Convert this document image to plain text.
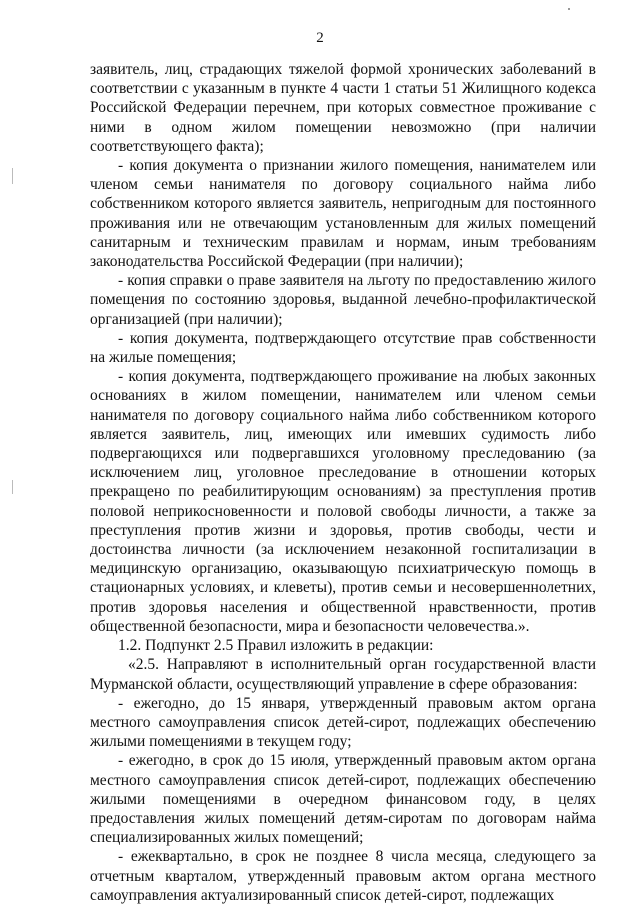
2

заявитель, лиц, страдающих тяжелой формой хронических заболеваний в соответствии с указанным в пункте 4 части 1 статьи 51 Жилищного кодекса Российской Федерации перечнем, при которых совместное проживание с ними в одном жилом помещении невозможно (при наличии соответствующего факта);

- копия документа о признании жилого помещения, нанимателем или членом семьи нанимателя по договору социального найма либо собственником которого является заявитель, непригодным для постоянного проживания или не отвечающим установленным для жилых помещений санитарным и техническим правилам и нормам, иным требованиям законодательства Российской Федерации (при наличии);

- копия справки о праве заявителя на льготу по предоставлению жилого помещения по состоянию здоровья, выданной лечебно-профилактической организацией (при наличии);

- копия документа, подтверждающего отсутствие прав собственности на жилые помещения;

- копия документа, подтверждающего проживание на любых законных основаниях в жилом помещении, нанимателем или членом семьи нанимателя по договору социального найма либо собственником которого является заявитель, лиц, имеющих или имевших судимость либо подвергающихся или подвергавшихся уголовному преследованию (за исключением лиц, уголовное преследование в отношении которых прекращено по реабилитирующим основаниям) за преступления против половой неприкосновенности и половой свободы личности, а также за преступления против жизни и здоровья, против свободы, чести и достоинства личности (за исключением незаконной госпитализации в медицинскую организацию, оказывающую психиатрическую помощь в стационарных условиях, и клеветы), против семьи и несовершеннолетних, против здоровья населения и общественной нравственности, против общественной безопасности, мира и безопасности человечества.».

1.2. Подпункт 2.5 Правил изложить в редакции:

«2.5. Направляют в исполнительный орган государственной власти Мурманской области, осуществляющий управление в сфере образования:

- ежегодно, до 15 января, утвержденный правовым актом органа местного самоуправления список детей-сирот, подлежащих обеспечению жилыми помещениями в текущем году;

- ежегодно, в срок до 15 июля, утвержденный правовым актом органа местного самоуправления список детей-сирот, подлежащих обеспечению жилыми помещениями в очередном финансовом году, в целях предоставления жилых помещений детям-сиротам по договорам найма специализированных жилых помещений;

- ежеквартально, в срок не позднее 8 числа месяца, следующего за отчетным кварталом, утвержденный правовым актом органа местного самоуправления актуализированный список детей-сирот, подлежащих
